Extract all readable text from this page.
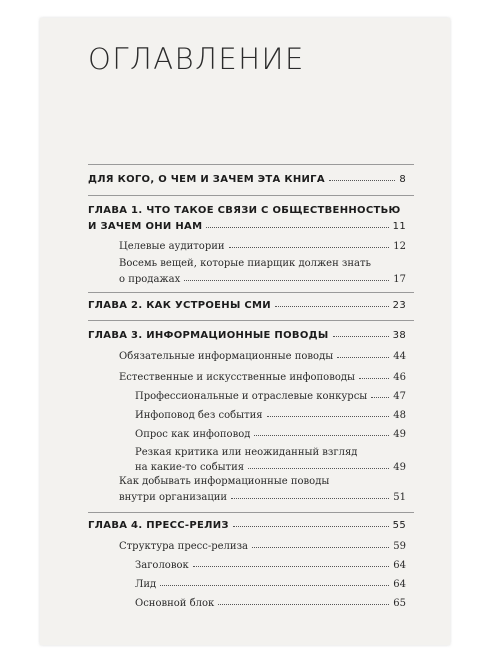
ОГЛАВЛЕНИЕ
ДЛЯ КОГО, О ЧЕМ И ЗАЧЕМ ЭТА КНИГА	8
ГЛАВА 1. ЧТО ТАКОЕ СВЯЗИ С ОБЩЕСТВЕННОСТЬЮ
И ЗАЧЕМ ОНИ НАМ	11
Целевые аудитории	12
Восемь вещей, которые пиарщик должен знать
о продажах	17
ГЛАВА 2. КАК УСТРОЕНЫ СМИ	23
ГЛАВА 3. ИНФОРМАЦИОННЫЕ ПОВОДЫ	38
Обязательные информационные поводы	44
Естественные и искусственные инфоповоды	46
Профессиональные и отраслевые конкурсы	47
Инфоповод без события	48
Опрос как инфоповод	49
Резкая критика или неожиданный взгляд
на какие-то события	49
Как добывать информационные поводы
внутри организации	51
ГЛАВА 4. ПРЕСС-РЕЛИЗ	55
Структура пресс-релиза	59
Заголовок	64
Лид	64
Основной блок	65
